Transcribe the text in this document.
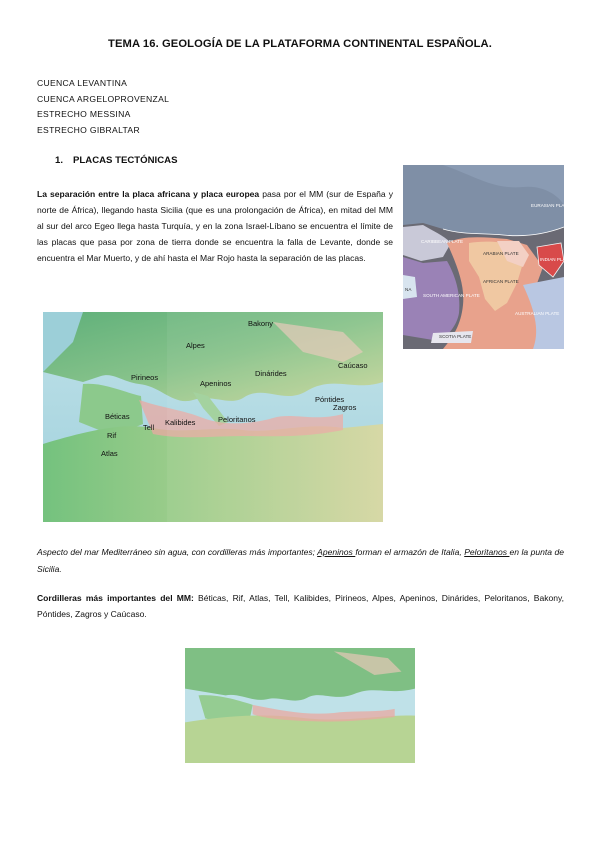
TEMA 16. GEOLOGÍA DE LA PLATAFORMA CONTINENTAL ESPAÑOLA.
CUENCA LEVANTINA
CUENCA ARGELOPROVENZAL
ESTRECHO MESSINA
ESTRECHO GIBRALTAR
1. PLACAS TECTÓNICAS
La separación entre la placa africana y placa europea pasa por el MM (sur de España y norte de África), llegando hasta Sicilia (que es una prolongación de África), en mitad del MM al sur del arco Egeo llega hasta Turquía, y en la zona Israel-Líbano se encuentra el límite de las placas que pasa por zona de tierra donde se encuentra la falla de Levante, donde se encuentra el Mar Muerto, y de ahí hasta el Mar Rojo hasta la separación de las placas.
EURASIAN PLATE
CARIBBEAN PLATE
ARABIAN PLATE
INDIAN PLATE
AFRICAN PLATE
SOUTH AMERICAN PLATE
NA
SCOTIA PLATE
AUSTRALIAN PLATE
Bakony
Alpes
Pirineos	Dinárides
Apeninos
Caúcaso
Póntides
Zagros
Béticas
Kalibides
Tell
Rif
Peloritanos
Atlas
Aspecto del mar Mediterráneo sin agua, con cordilleras más importantes; Apeninos forman el armazón de Italia, Peloritanos en la punta de Sicilia.
Cordilleras más importantes del MM: Béticas, Rif, Atlas, Tell, Kalibides, Pirineos, Alpes, Apeninos, Dinárides, Peloritanos, Bakony, Póntides, Zagros y Caúcaso.
